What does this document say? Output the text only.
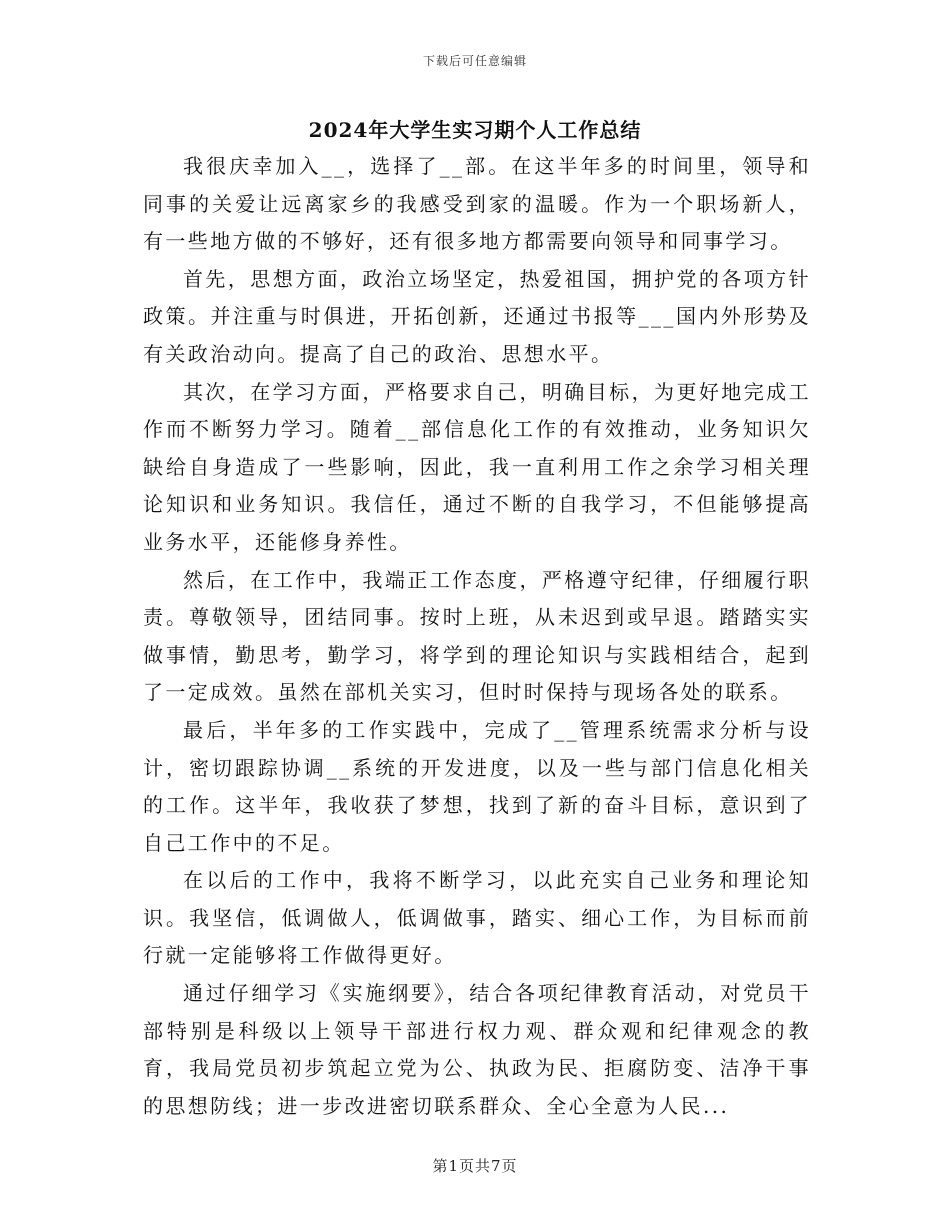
下载后可任意编辑
2024年大学生实习期个人工作总结

我很庆幸加入__，选择了__部。在这半年多的时间里，领导和同事的关爱让远离家乡的我感受到家的温暖。作为一个职场新人，有一些地方做的不够好，还有很多地方都需要向领导和同事学习。

首先，思想方面，政治立场坚定，热爱祖国，拥护党的各项方针政策。并注重与时俱进，开拓创新，还通过书报等___国内外形势及有关政治动向。提高了自己的政治、思想水平。

其次，在学习方面，严格要求自己，明确目标，为更好地完成工作而不断努力学习。随着__部信息化工作的有效推动，业务知识欠缺给自身造成了一些影响，因此，我一直利用工作之余学习相关理论知识和业务知识。我信任，通过不断的自我学习，不但能够提高业务水平，还能修身养性。

然后，在工作中，我端正工作态度，严格遵守纪律，仔细履行职责。尊敬领导，团结同事。按时上班，从未迟到或早退。踏踏实实做事情，勤思考，勤学习，将学到的理论知识与实践相结合，起到了一定成效。虽然在部机关实习，但时时保持与现场各处的联系。

最后，半年多的工作实践中，完成了__管理系统需求分析与设计，密切跟踪协调__系统的开发进度，以及一些与部门信息化相关的工作。这半年，我收获了梦想，找到了新的奋斗目标，意识到了自己工作中的不足。

在以后的工作中，我将不断学习，以此充实自己业务和理论知识。我坚信，低调做人，低调做事，踏实、细心工作，为目标而前行就一定能够将工作做得更好。

通过仔细学习《实施纲要》，结合各项纪律教育活动，对党员干部特别是科级以上领导干部进行权力观、群众观和纪律观念的教育，我局党员初步筑起立党为公、执政为民、拒腐防变、洁净干事的思想防线；进一步改进密切联系群众、全心全意为人民...

第1页共7页
